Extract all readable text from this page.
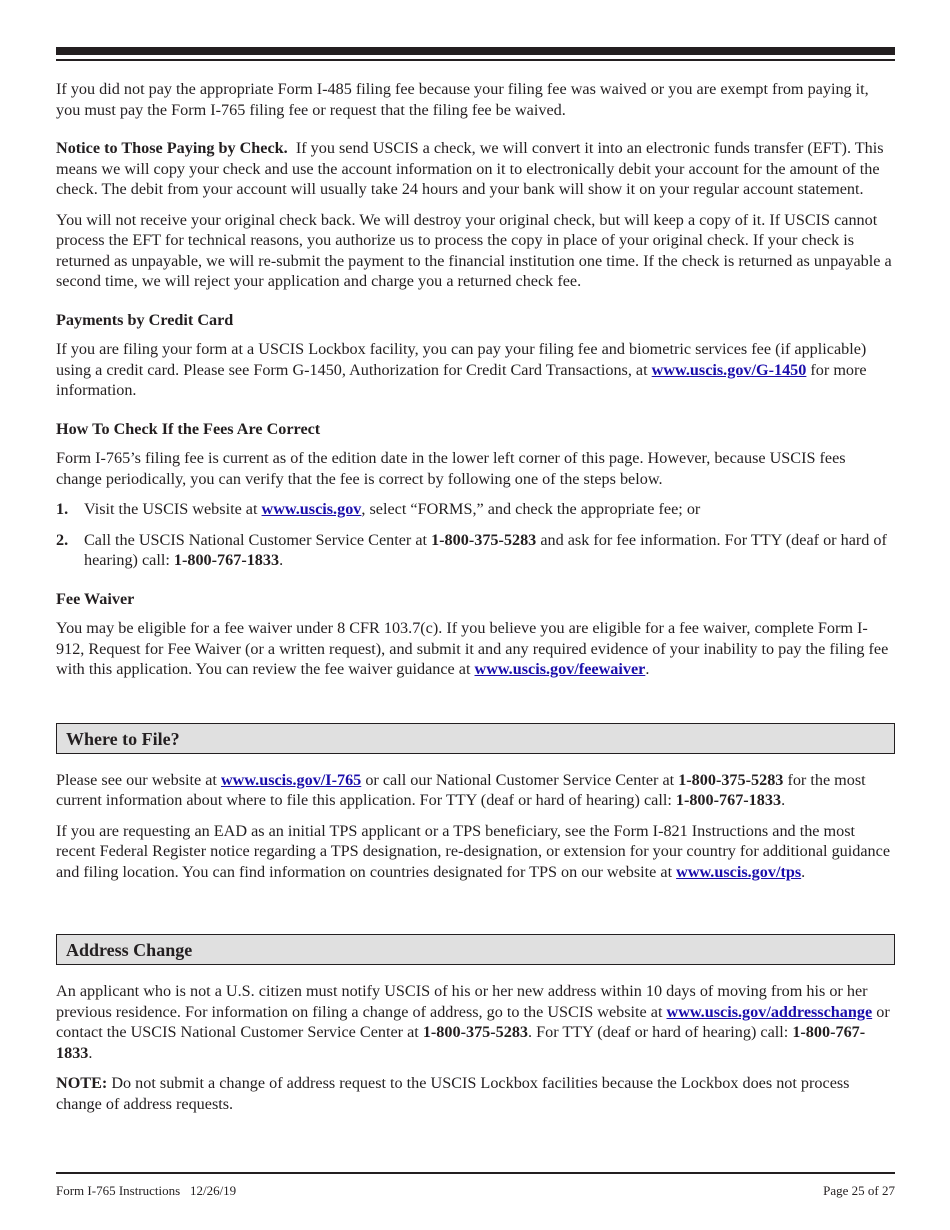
If you did not pay the appropriate Form I-485 filing fee because your filing fee was waived or you are exempt from paying it, you must pay the Form I-765 filing fee or request that the filing fee be waived.

Notice to Those Paying by Check. If you send USCIS a check, we will convert it into an electronic funds transfer (EFT). This means we will copy your check and use the account information on it to electronically debit your account for the amount of the check. The debit from your account will usually take 24 hours and your bank will show it on your regular account statement.

You will not receive your original check back. We will destroy your original check, but will keep a copy of it. If USCIS cannot process the EFT for technical reasons, you authorize us to process the copy in place of your original check. If your check is returned as unpayable, we will re-submit the payment to the financial institution one time. If the check is returned as unpayable a second time, we will reject your application and charge you a returned check fee.

Payments by Credit Card

If you are filing your form at a USCIS Lockbox facility, you can pay your filing fee and biometric services fee (if applicable) using a credit card. Please see Form G-1450, Authorization for Credit Card Transactions, at www.uscis.gov/G-1450 for more information.

How To Check If the Fees Are Correct

Form I-765’s filing fee is current as of the edition date in the lower left corner of this page. However, because USCIS fees change periodically, you can verify that the fee is correct by following one of the steps below.

1. Visit the USCIS website at www.uscis.gov, select “FORMS,” and check the appropriate fee; or
2. Call the USCIS National Customer Service Center at 1-800-375-5283 and ask for fee information. For TTY (deaf or hard of hearing) call: 1-800-767-1833.
Fee Waiver

You may be eligible for a fee waiver under 8 CFR 103.7(c). If you believe you are eligible for a fee waiver, complete Form I-912, Request for Fee Waiver (or a written request), and submit it and any required evidence of your inability to pay the filing fee with this application. You can review the fee waiver guidance at www.uscis.gov/feewaiver.

Where to File?

Please see our website at www.uscis.gov/I-765 or call our National Customer Service Center at 1-800-375-5283 for the most current information about where to file this application. For TTY (deaf or hard of hearing) call: 1-800-767-1833.

If you are requesting an EAD as an initial TPS applicant or a TPS beneficiary, see the Form I-821 Instructions and the most recent Federal Register notice regarding a TPS designation, re-designation, or extension for your country for additional guidance and filing location. You can find information on countries designated for TPS on our website at www.uscis.gov/tps.

Address Change

An applicant who is not a U.S. citizen must notify USCIS of his or her new address within 10 days of moving from his or her previous residence. For information on filing a change of address, go to the USCIS website at www.uscis.gov/addresschange or contact the USCIS National Customer Service Center at 1-800-375-5283. For TTY (deaf or hard of hearing) call: 1-800-767-1833.

NOTE: Do not submit a change of address request to the USCIS Lockbox facilities because the Lockbox does not process change of address requests.

Form I-765 Instructions   12/26/19	Page 25 of 27
